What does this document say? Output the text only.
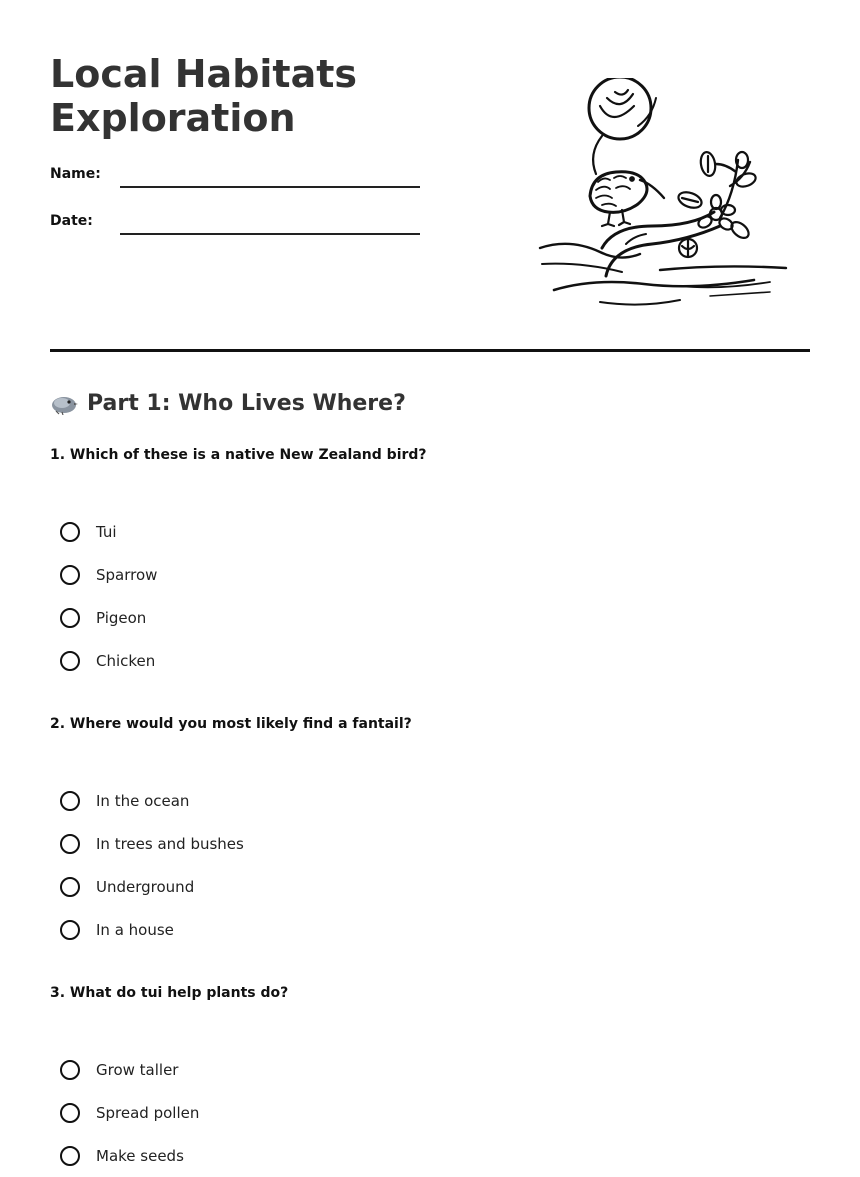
Local Habitats
Exploration
Name:
Date:
Part 1: Who Lives Where?

1. Which of these is a native New Zealand bird?

Tui
Sparrow
Pigeon
Chicken

2. Where would you most likely find a fantail?

In the ocean
In trees and bushes
Underground
In a house

3. What do tui help plants do?

Grow taller
Spread pollen
Make seeds
